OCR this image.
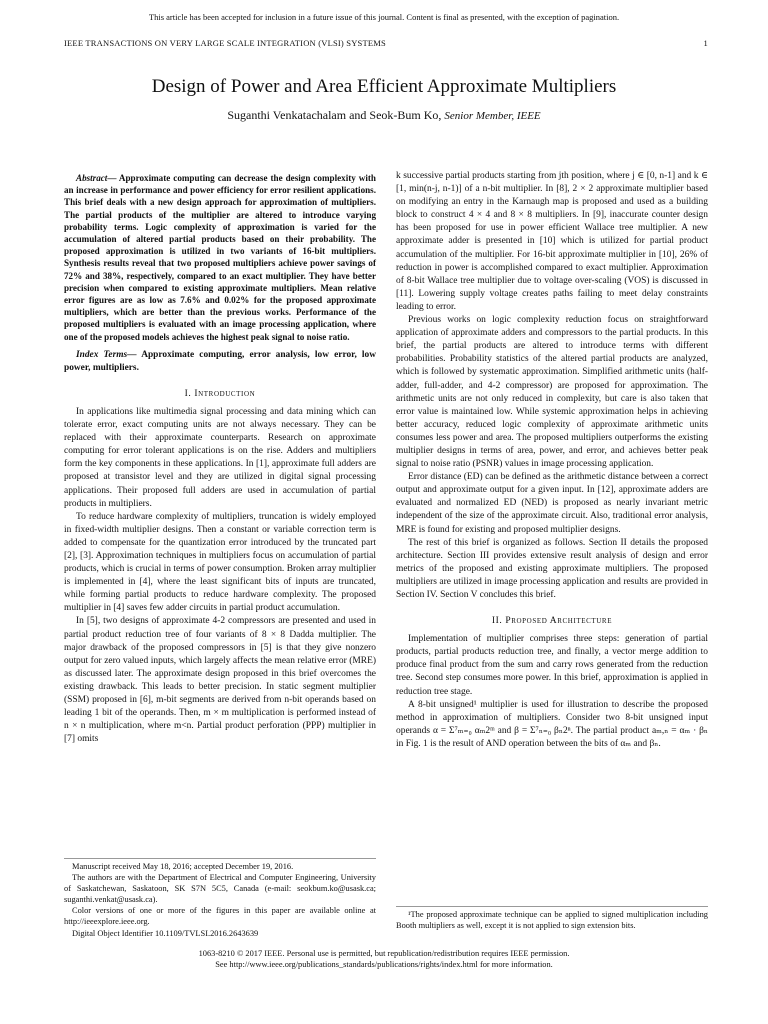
This article has been accepted for inclusion in a future issue of this journal. Content is final as presented, with the exception of pagination.
IEEE TRANSACTIONS ON VERY LARGE SCALE INTEGRATION (VLSI) SYSTEMS	1
Design of Power and Area Efficient Approximate Multipliers
Suganthi Venkatachalam and Seok-Bum Ko, Senior Member, IEEE

Abstract— Approximate computing can decrease the design complexity with an increase in performance and power efficiency for error resilient applications. This brief deals with a new design approach for approximation of multipliers. The partial products of the multiplier are altered to introduce varying probability terms. Logic complexity of approximation is varied for the accumulation of altered partial products based on their probability. The proposed approximation is utilized in two variants of 16-bit multipliers. Synthesis results reveal that two proposed multipliers achieve power savings of 72% and 38%, respectively, compared to an exact multiplier. They have better precision when compared to existing approximate multipliers. Mean relative error figures are as low as 7.6% and 0.02% for the proposed approximate multipliers, which are better than the previous works. Performance of the proposed multipliers is evaluated with an image processing application, where one of the proposed models achieves the highest peak signal to noise ratio.

Index Terms— Approximate computing, error analysis, low error, low power, multipliers.

I. Introduction

In applications like multimedia signal processing and data mining which can tolerate error, exact computing units are not always necessary. They can be replaced with their approximate counterparts. Research on approximate computing for error tolerant applications is on the rise. Adders and multipliers form the key components in these applications. In [1], approximate full adders are proposed at transistor level and they are utilized in digital signal processing applications. Their proposed full adders are used in accumulation of partial products in multipliers.

To reduce hardware complexity of multipliers, truncation is widely employed in fixed-width multiplier designs. Then a constant or variable correction term is added to compensate for the quantization error introduced by the truncated part [2], [3]. Approximation techniques in multipliers focus on accumulation of partial products, which is crucial in terms of power consumption. Broken array multiplier is implemented in [4], where the least significant bits of inputs are truncated, while forming partial products to reduce hardware complexity. The proposed multiplier in [4] saves few adder circuits in partial product accumulation.

In [5], two designs of approximate 4-2 compressors are presented and used in partial product reduction tree of four variants of 8 × 8 Dadda multiplier. The major drawback of the proposed compressors in [5] is that they give nonzero output for zero valued inputs, which largely affects the mean relative error (MRE) as discussed later. The approximate design proposed in this brief overcomes the existing drawback. This leads to better precision. In static segment multiplier (SSM) proposed in [6], m-bit segments are derived from n-bit operands based on leading 1 bit of the operands. Then, m × m multiplication is performed instead of n × n multiplication, where m<n. Partial product perforation (PPP) multiplier in [7] omits

Manuscript received May 18, 2016; accepted December 19, 2016.

The authors are with the Department of Electrical and Computer Engineering, University of Saskatchewan, Saskatoon, SK S7N 5C5, Canada (e-mail: seokbum.ko@usask.ca; suganthi.venkat@usask.ca).

Color versions of one or more of the figures in this paper are available online at http://ieeexplore.ieee.org.

Digital Object Identifier 10.1109/TVLSI.2016.2643639

k successive partial products starting from jth position, where j ∈ [0, n-1] and k ∈ [1, min(n-j, n-1)] of a n-bit multiplier. In [8], 2 × 2 approximate multiplier based on modifying an entry in the Karnaugh map is proposed and used as a building block to construct 4 × 4 and 8 × 8 multipliers. In [9], inaccurate counter design has been proposed for use in power efficient Wallace tree multiplier. A new approximate adder is presented in [10] which is utilized for partial product accumulation of the multiplier. For 16-bit approximate multiplier in [10], 26% of reduction in power is accomplished compared to exact multiplier. Approximation of 8-bit Wallace tree multiplier due to voltage over-scaling (VOS) is discussed in [11]. Lowering supply voltage creates paths failing to meet delay constraints leading to error.

Previous works on logic complexity reduction focus on straightforward application of approximate adders and compressors to the partial products. In this brief, the partial products are altered to introduce terms with different probabilities. Probability statistics of the altered partial products are analyzed, which is followed by systematic approximation. Simplified arithmetic units (half-adder, full-adder, and 4-2 compressor) are proposed for approximation. The arithmetic units are not only reduced in complexity, but care is also taken that error value is maintained low. While systemic approximation helps in achieving better accuracy, reduced logic complexity of approximate arithmetic units consumes less power and area. The proposed multipliers outperforms the existing multiplier designs in terms of area, power, and error, and achieves better peak signal to noise ratio (PSNR) values in image processing application.

Error distance (ED) can be defined as the arithmetic distance between a correct output and approximate output for a given input. In [12], approximate adders are evaluated and normalized ED (NED) is proposed as nearly invariant metric independent of the size of the approximate circuit. Also, traditional error analysis, MRE is found for existing and proposed multiplier designs.

The rest of this brief is organized as follows. Section II details the proposed architecture. Section III provides extensive result analysis of design and error metrics of the proposed and existing approximate multipliers. The proposed multipliers are utilized in image processing application and results are provided in Section IV. Section V concludes this brief.

II. Proposed Architecture

Implementation of multiplier comprises three steps: generation of partial products, partial products reduction tree, and finally, a vector merge addition to produce final product from the sum and carry rows generated from the reduction tree. Second step consumes more power. In this brief, approximation is applied in reduction tree stage.

A 8-bit unsigned¹ multiplier is used for illustration to describe the proposed method in approximation of multipliers. Consider two 8-bit unsigned input operands α = Σ⁷ₘ₌₀ αₘ2ᵐ and β = Σ⁷ₙ₌₀ βₙ2ⁿ. The partial product aₘ,ₙ = αₘ · βₙ in Fig. 1 is the result of AND operation between the bits of αₘ and βₙ.

¹The proposed approximate technique can be applied to signed multiplication including Booth multipliers as well, except it is not applied to sign extension bits.

1063-8210 © 2017 IEEE. Personal use is permitted, but republication/redistribution requires IEEE permission.
See http://www.ieee.org/publications_standards/publications/rights/index.html for more information.
